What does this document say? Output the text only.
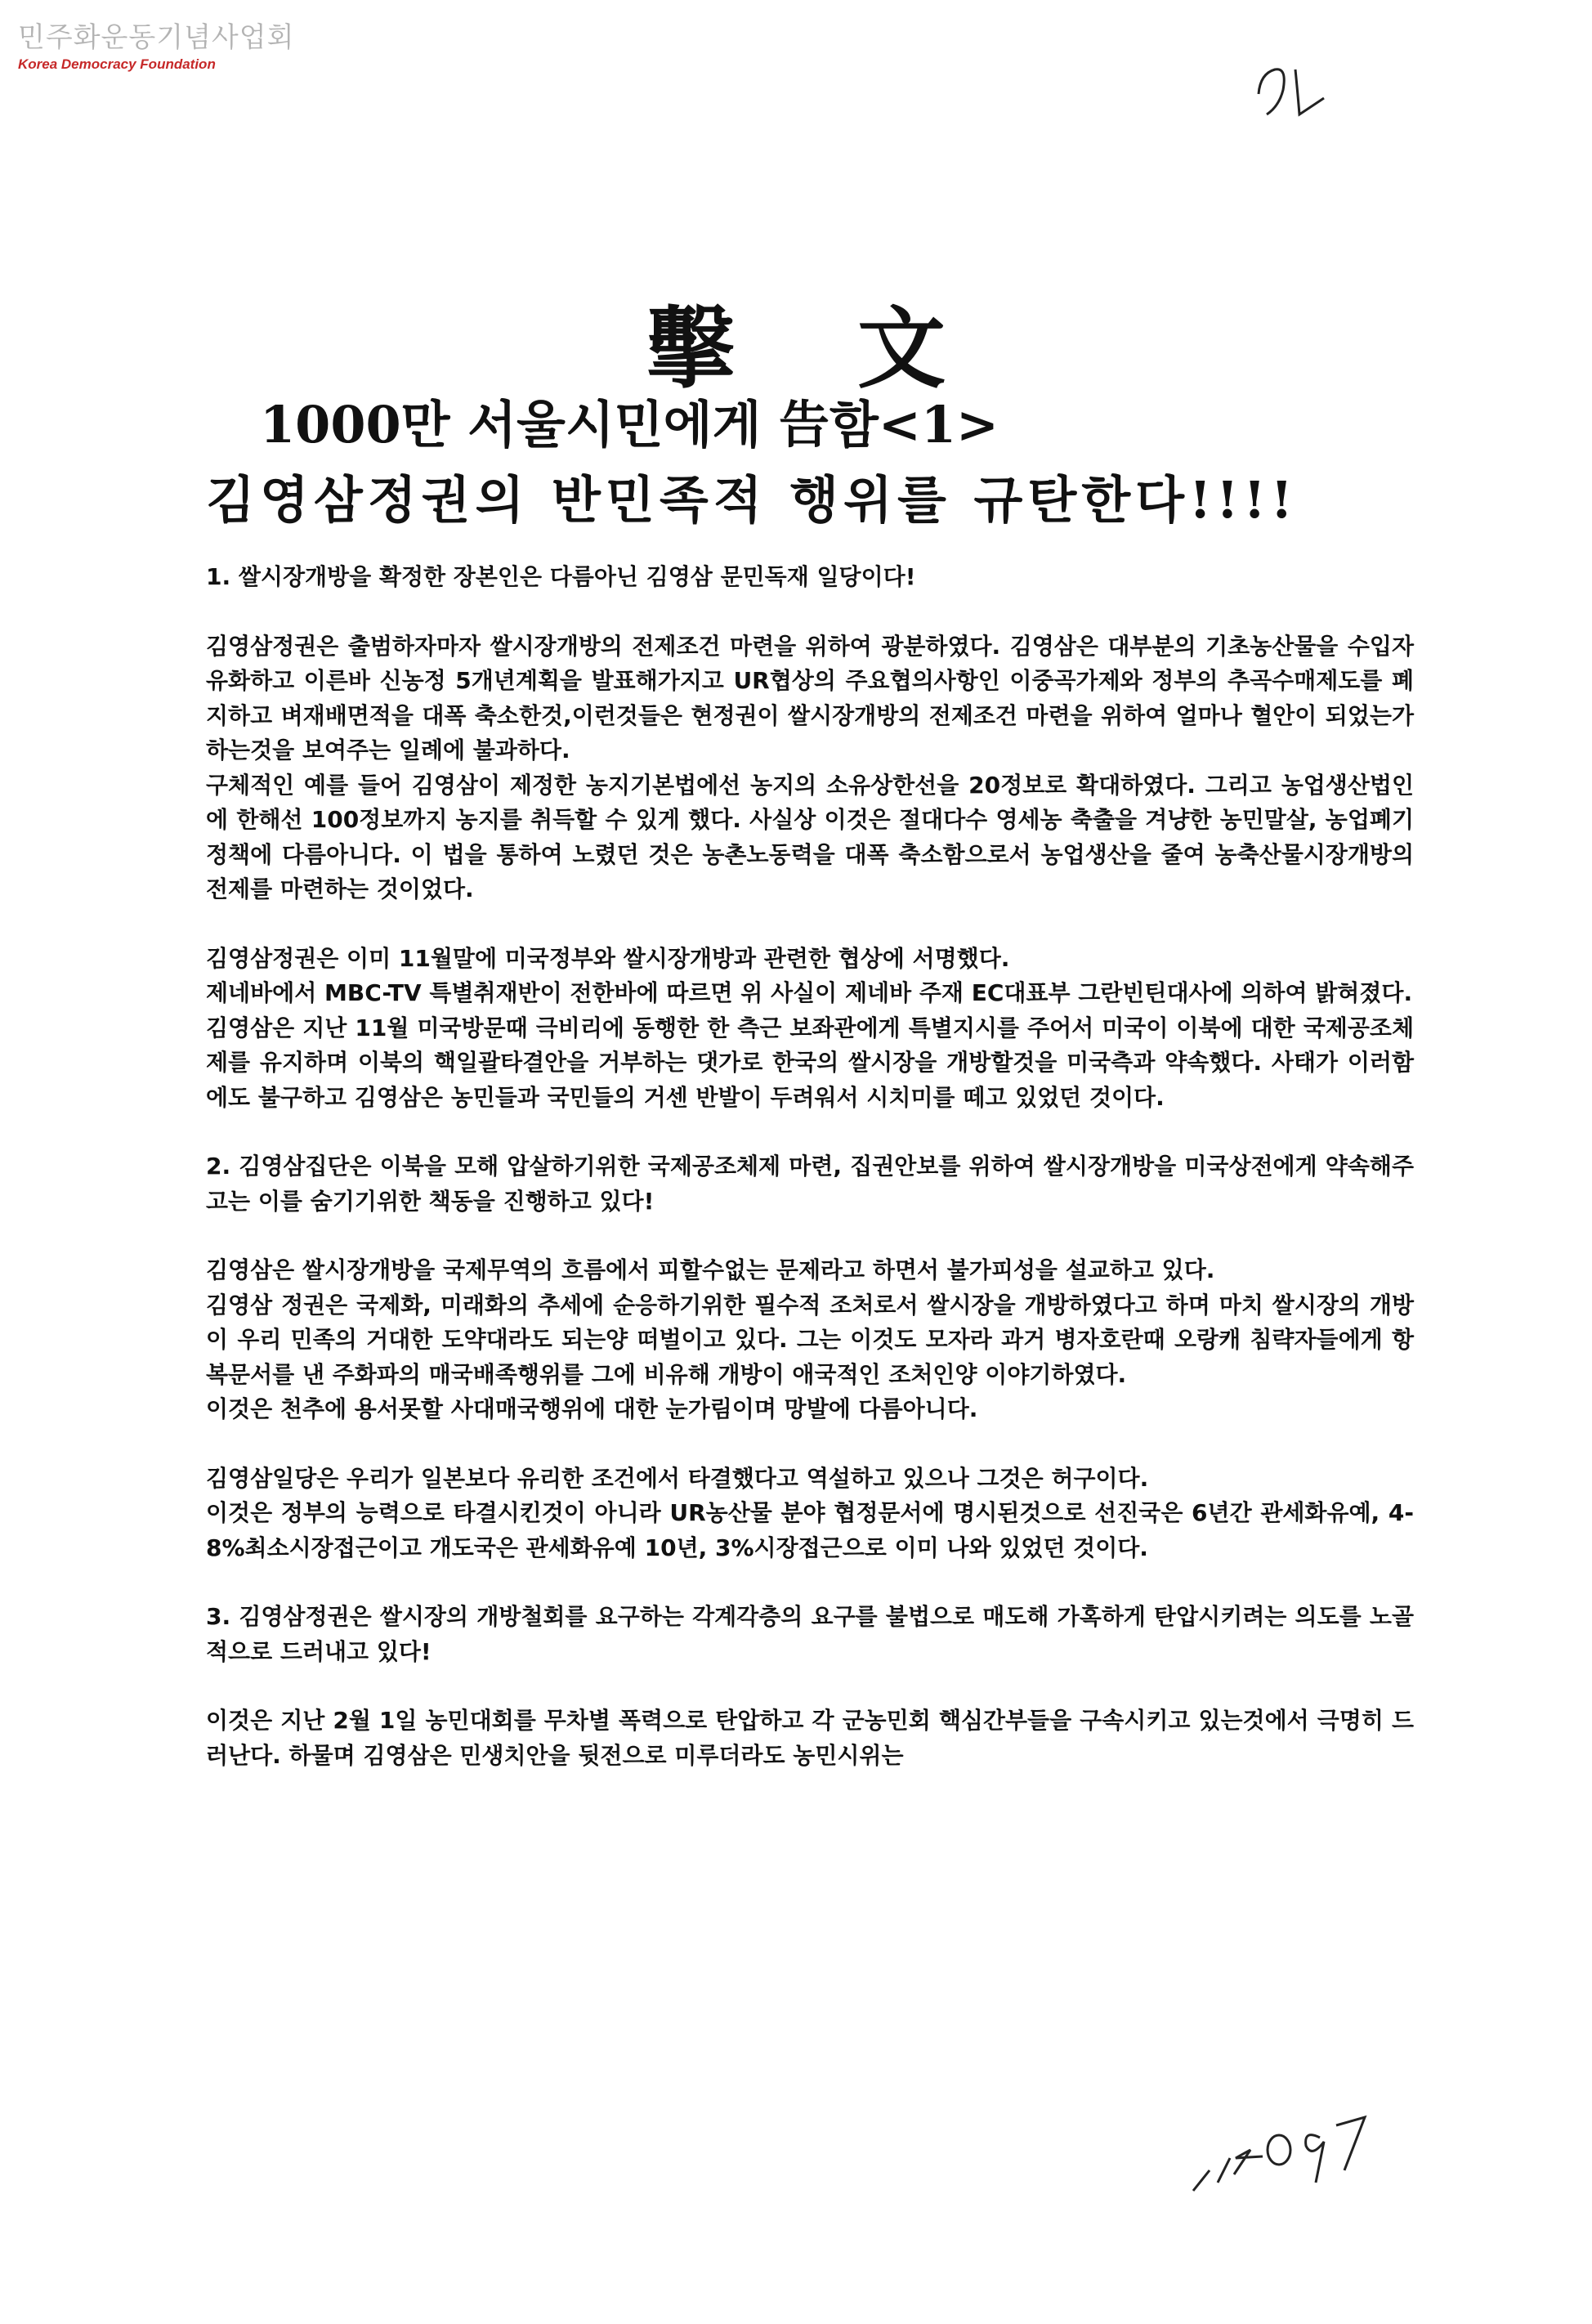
민주화운동기념사업회
Korea Democracy Foundation
擊文
1000만 서울시민에게 告함<1>
김영삼정권의 반민족적 행위를 규탄한다!!!!

1. 쌀시장개방을 확정한 장본인은 다름아닌 김영삼 문민독재 일당이다!

김영삼정권은 출범하자마자 쌀시장개방의 전제조건 마련을 위하여 광분하였다. 김영삼은 대부분의 기초농산물을 수입자유화하고 이른바 신농정 5개년계획을 발표해가지고 UR협상의 주요협의사항인 이중곡가제와 정부의 추곡수매제도를 폐지하고 벼재배면적을 대폭 축소한것,이런것들은 현정권이 쌀시장개방의 전제조건 마련을 위하여 얼마나 혈안이 되었는가하는것을 보여주는 일례에 불과하다.

구체적인 예를 들어 김영삼이 제정한 농지기본법에선 농지의 소유상한선을 20정보로 확대하였다. 그리고 농업생산법인에 한해선 100정보까지 농지를 취득할 수 있게 했다. 사실상 이것은 절대다수 영세농 축출을 겨냥한 농민말살, 농업폐기정책에 다름아니다. 이 법을 통하여 노렸던 것은 농촌노동력을 대폭 축소함으로서 농업생산을 줄여 농축산물시장개방의 전제를 마련하는 것이었다.

김영삼정권은 이미 11월말에 미국정부와 쌀시장개방과 관련한 협상에 서명했다.

제네바에서 MBC-TV 특별취재반이 전한바에 따르면 위 사실이 제네바 주재 EC대표부 그란빈틴대사에 의하여 밝혀졌다.

김영삼은 지난 11월 미국방문때 극비리에 동행한 한 측근 보좌관에게 특별지시를 주어서 미국이 이북에 대한 국제공조체제를 유지하며 이북의 핵일괄타결안을 거부하는 댓가로 한국의 쌀시장을 개방할것을 미국측과 약속했다. 사태가 이러함에도 불구하고 김영삼은 농민들과 국민들의 거센 반발이 두려워서 시치미를 떼고 있었던 것이다.

2. 김영삼집단은 이북을 모해 압살하기위한 국제공조체제 마련, 집권안보를 위하여 쌀시장개방을 미국상전에게 약속해주고는 이를 숨기기위한 책동을 진행하고 있다!

김영삼은 쌀시장개방을 국제무역의 흐름에서 피할수없는 문제라고 하면서 불가피성을 설교하고 있다.

김영삼 정권은 국제화, 미래화의 추세에 순응하기위한 필수적 조처로서 쌀시장을 개방하였다고 하며 마치 쌀시장의 개방이 우리 민족의 거대한 도약대라도 되는양 떠벌이고 있다. 그는 이것도 모자라 과거 병자호란때 오랑캐 침략자들에게 항복문서를 낸 주화파의 매국배족행위를 그에 비유해 개방이 애국적인 조처인양 이야기하였다.

이것은 천추에 용서못할 사대매국행위에 대한 눈가림이며 망발에 다름아니다.

김영삼일당은 우리가 일본보다 유리한 조건에서 타결했다고 역설하고 있으나 그것은 허구이다.

이것은 정부의 능력으로 타결시킨것이 아니라 UR농산물 분야 협정문서에 명시된것으로 선진국은 6년간 관세화유예, 4-8%최소시장접근이고 개도국은 관세화유예 10년, 3%시장접근으로 이미 나와 있었던 것이다.

3. 김영삼정권은 쌀시장의 개방철회를 요구하는 각계각층의 요구를 불법으로 매도해 가혹하게 탄압시키려는 의도를 노골적으로 드러내고 있다!

이것은 지난 2월 1일 농민대회를 무차별 폭력으로 탄압하고 각 군농민회 핵심간부들을 구속시키고 있는것에서 극명히 드러난다. 하물며 김영삼은 민생치안을 뒷전으로 미루더라도 농민시위는
